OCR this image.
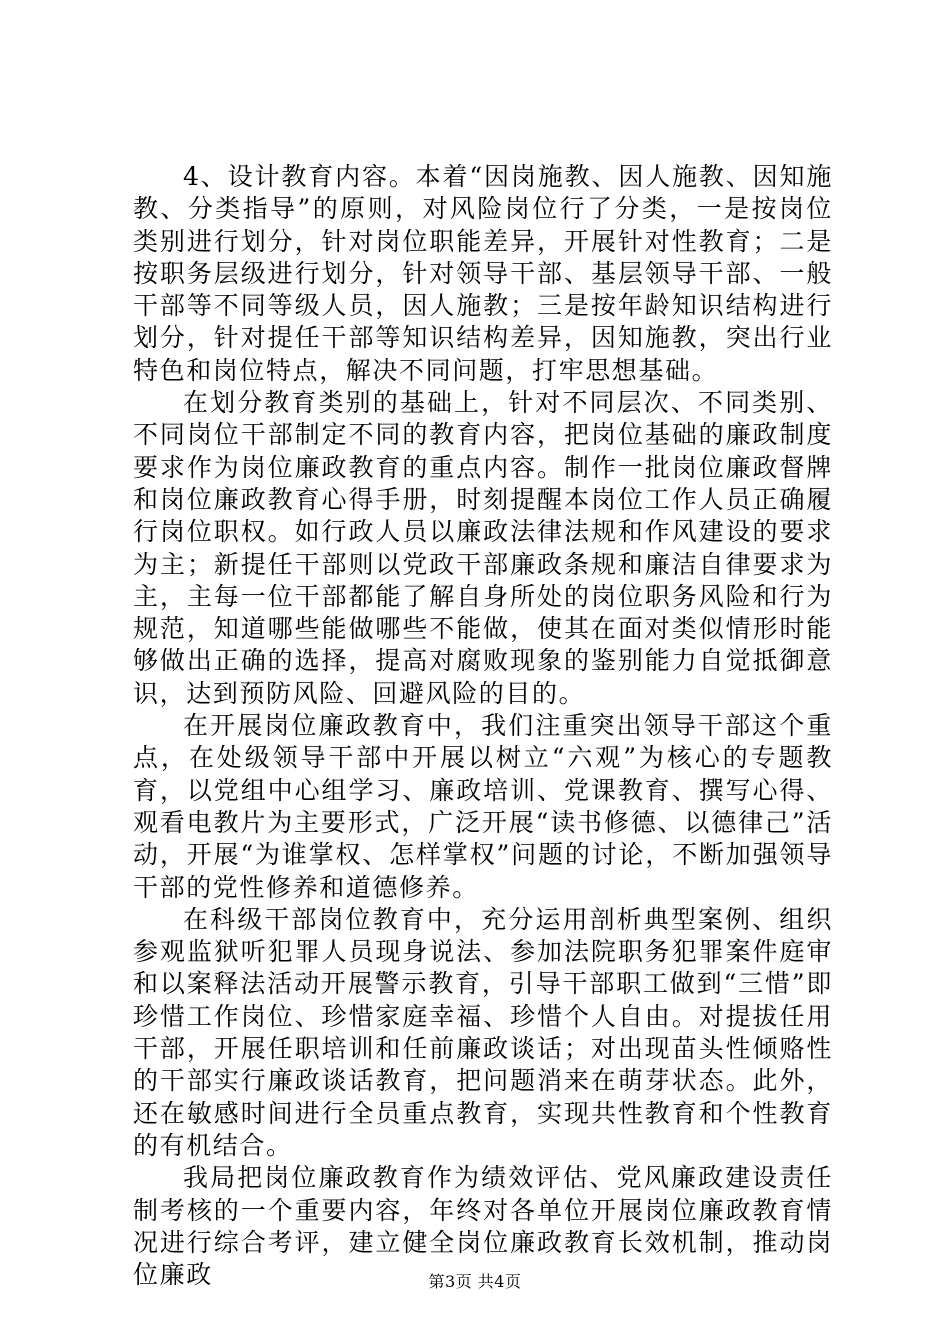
4、设计教育内容。本着“因岗施教、因人施教、因知施教、分类指导”的原则，对风险岗位行了分类，一是按岗位类别进行划分，针对岗位职能差异，开展针对性教育；二是按职务层级进行划分，针对领导干部、基层领导干部、一般干部等不同等级人员，因人施教；三是按年龄知识结构进行划分，针对提任干部等知识结构差异，因知施教，突出行业特色和岗位特点，解决不同问题，打牢思想基础。

在划分教育类别的基础上，针对不同层次、不同类别、不同岗位干部制定不同的教育内容，把岗位基础的廉政制度要求作为岗位廉政教育的重点内容。制作一批岗位廉政督牌和岗位廉政教育心得手册，时刻提醒本岗位工作人员正确履行岗位职权。如行政人员以廉政法律法规和作风建设的要求为主；新提任干部则以党政干部廉政条规和廉洁自律要求为主，主每一位干部都能了解自身所处的岗位职务风险和行为规范，知道哪些能做哪些不能做，使其在面对类似情形时能够做出正确的选择，提高对腐败现象的鉴别能力自觉抵御意识，达到预防风险、回避风险的目的。

在开展岗位廉政教育中，我们注重突出领导干部这个重点，在处级领导干部中开展以树立“六观”为核心的专题教育，以党组中心组学习、廉政培训、党课教育、撰写心得、观看电教片为主要形式，广泛开展“读书修德、以德律己”活动，开展“为谁掌权、怎样掌权”问题的讨论，不断加强领导干部的党性修养和道德修养。

在科级干部岗位教育中，充分运用剖析典型案例、组织参观监狱听犯罪人员现身说法、参加法院职务犯罪案件庭审和以案释法活动开展警示教育，引导干部职工做到“三惜”即珍惜工作岗位、珍惜家庭幸福、珍惜个人自由。对提拔任用干部，开展任职培训和任前廉政谈话；对出现苗头性倾赂性的干部实行廉政谈话教育，把问题消来在萌芽状态。此外，还在敏感时间进行全员重点教育，实现共性教育和个性教育的有机结合。

我局把岗位廉政教育作为绩效评估、党风廉政建设责任制考核的一个重要内容，年终对各单位开展岗位廉政教育情况进行综合考评，建立健全岗位廉政教育长效机制，推动岗位廉政	第3页 共4页
